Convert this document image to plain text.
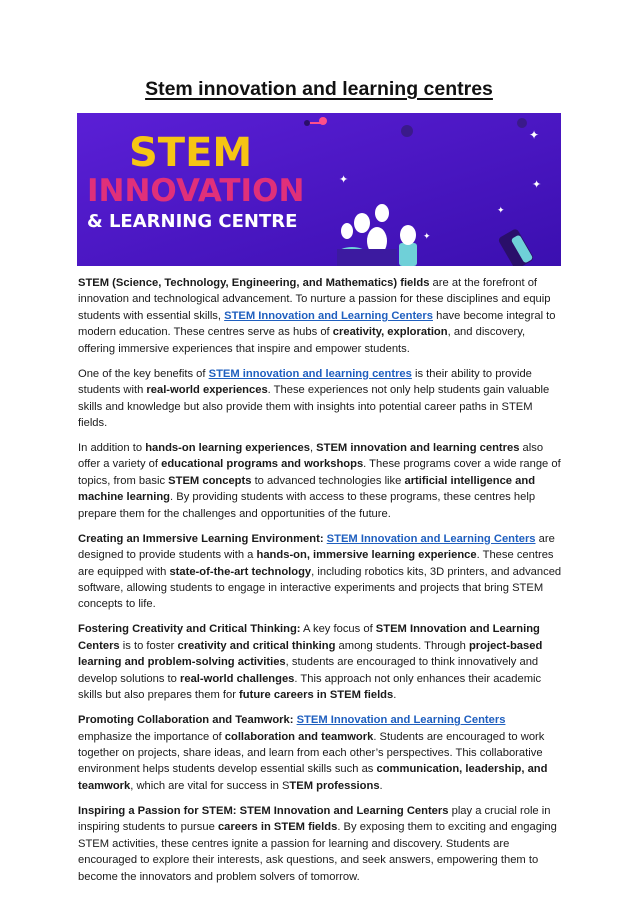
Stem innovation and learning centres
✦
✦
✦
✦
✦
STEM
INNOVATION
& LEARNING CENTRE

STEM (Science, Technology, Engineering, and Mathematics) fields are at the forefront of innovation and technological advancement. To nurture a passion for these disciplines and equip students with essential skills, STEM Innovation and Learning Centers have become integral to modern education. These centres serve as hubs of creativity, exploration, and discovery, offering immersive experiences that inspire and empower students.

One of the key benefits of STEM innovation and learning centres is their ability to provide students with real-world experiences. These experiences not only help students gain valuable skills and knowledge but also provide them with insights into potential career paths in STEM fields.

In addition to hands-on learning experiences, STEM innovation and learning centres also offer a variety of educational programs and workshops. These programs cover a wide range of topics, from basic STEM concepts to advanced technologies like artificial intelligence and machine learning. By providing students with access to these programs, these centres help prepare them for the challenges and opportunities of the future.

Creating an Immersive Learning Environment: STEM Innovation and Learning Centers are designed to provide students with a hands-on, immersive learning experience. These centres are equipped with state-of-the-art technology, including robotics kits, 3D printers, and advanced software, allowing students to engage in interactive experiments and projects that bring STEM concepts to life.

Fostering Creativity and Critical Thinking: A key focus of STEM Innovation and Learning Centers is to foster creativity and critical thinking among students. Through project-based learning and problem-solving activities, students are encouraged to think innovatively and develop solutions to real-world challenges. This approach not only enhances their academic skills but also prepares them for future careers in STEM fields.

Promoting Collaboration and Teamwork: STEM Innovation and Learning Centers emphasize the importance of collaboration and teamwork. Students are encouraged to work together on projects, share ideas, and learn from each other’s perspectives. This collaborative environment helps students develop essential skills such as communication, leadership, and teamwork, which are vital for success in STEM professions.

Inspiring a Passion for STEM: STEM Innovation and Learning Centers play a crucial role in inspiring students to pursue careers in STEM fields. By exposing them to exciting and engaging STEM activities, these centres ignite a passion for learning and discovery. Students are encouraged to explore their interests, ask questions, and seek answers, empowering them to become the innovators and problem solvers of tomorrow.
